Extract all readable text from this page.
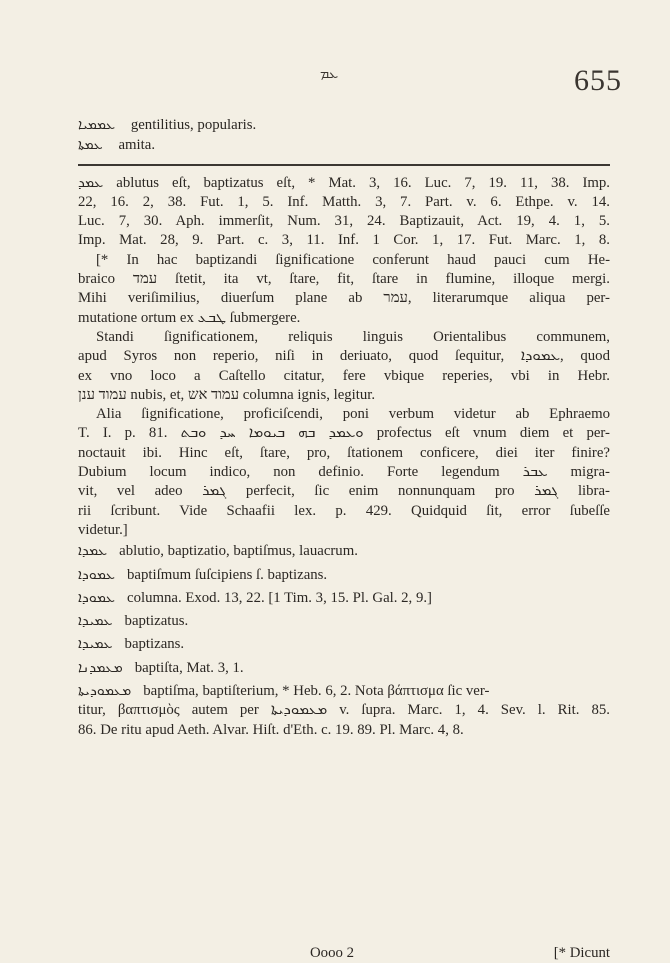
ܥܡ	655
ܥܡܡܝܐ gentilitius, popularis.
ܥܡܬܐ amita.
ܥܡܕ ablutus eſt, baptizatus eſt, * Mat. 3, 16. Luc. 7, 19. 11, 38. Imp.
22, 16. 2, 38. Fut. 1, 5. Inf. Matth. 3, 7. Part. v. 6. Ethpe. v. 14.
Luc. 7, 30. Aph. immerſit, Num. 31, 24. Baptizauit, Act. 19, 4. 1, 5.
Imp. Mat. 28, 9. Part. c. 3, 11. Inf. 1 Cor. 1, 17. Fut. Marc. 1, 8.
[* In hac baptizandi ſignificatione conferunt haud pauci cum He-
braico עמד ſtetit, ita vt, ſtare, fit, ſtare in flumine, illoque mergi.
Mihi veriſimilius, diuerſum plane ab עמר, literarumque aliqua per-
mutatione ortum ex ܛܒܥ ſubmergere.
Standi ſignificationem, reliquis linguis Orientalibus communem,
apud Syros non reperio, niſi in deriuato, quod ſequitur, ܥܡܘܕܐ, quod
ex vno loco a Caſtello citatur, fere vbique reperies, vbi in Hebr.
עמוד ענן nubis, et, עמוד אש columna ignis, legitur.
Alia ſignificatione, proficiſcendi, poni verbum videtur ab Ephraemo
T. I. p. 81. ܘܥܡܕ ܒܗ ܒܝܘܡܐ ܚܕ ܘܒܬ profectus eſt vnum diem et per-
noctauit ibi. Hinc eſt, ſtare, pro, ſtationem conficere, diei iter finire?
Dubium locum indico, non definio. Forte legendum ܥܒܪ migra-
vit, vel adeo ܓܡܪ perfecit, ſic enim nonnunquam pro ܓܡܪ libra-
rii ſcribunt. Vide Schaafii lex. p. 429. Quidquid ſit, error ſubeſſe
videtur.]
ܥܡܕܐ ablutio, baptizatio, baptiſmus, lauacrum.
ܥܡܘܕܐ baptiſmum ſuſcipiens ſ. baptizans.
ܥܡܘܕܐ columna. Exod. 13, 22. [1 Tim. 3, 15. Pl. Gal. 2, 9.]
ܥܡܝܕܐ baptizatus.
ܥܡܝܕܐ baptizans.
ܡܥܡܕܢܐ baptiſta, Mat. 3, 1.
ܡܥܡܘܕܝܬܐ baptiſma, baptiſterium, * Heb. 6, 2. Nota βάπτισμα ſic ver-
titur, βαπτισμὸς autem per ܡܥܡܘܕܝܬܐ v. ſupra. Marc. 1, 4. Sev. l. Rit. 85.
86. De ritu apud Aeth. Alvar. Hiſt. d'Eth. c. 19. 89. Pl. Marc. 4, 8.
Oooo 2	[* Dicunt
